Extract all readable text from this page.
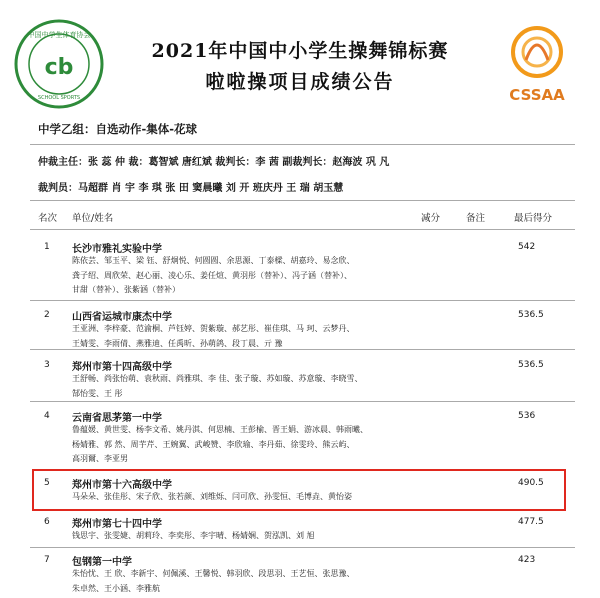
中国中学生体育协会
SCHOOL SPORTS
cb
CSSAA
2021年中国中小学生操舞锦标赛
啦啦操项目成绩公告
中学乙组：自选动作-集体-花球
仲裁主任：张 蕊 仲 裁：葛智斌 唐红斌 裁判长：李 茜 副裁判长：赵海波 巩 凡
裁判员：马超群 肖 宇 李 琪 张 田 窦晨曦 刘 开 班庆丹 王 瑞 胡玉慧
名次 单位/姓名	减分	备注	最后得分
1 长沙市雅礼实验中学	542
陈依芸、邹玉平、梁 钰、舒炯悦、何圆圆、余思源、丁泰樑、胡嘉玲、易念欣、
龚子绍、周欣荣、赵心丽、凌心乐、姜任煊、黄羽彤（替补）、冯子涵（替补）、
甘甜（替补）、张紫涵（替补）
2 山西省运城市康杰中学	536.5
王亚洲、李梓豪、范渝桐、芦钰婷、贺紫璇、郝艺彤、崔佳琪、马 珂、云梦丹、
王婧雯、李雨倩、燕雅迪、任禹昕、孙萌鸽、段丁晨、亓 豫
3 郑州市第十四高级中学	536.5
王舒畅、尚张怡萌、袁秋雨、尚雅琪、李 佳、张子璇、苏如璇、苏意璇、李晓雪、
郜怡雯、王 彤
4 云南省思茅第一中学	536
鲁蕴媛、黄世雯、杨李文希、姚丹淇、何思楠、王彭榆、晋王娟、游冰晨、韩雨曦、
杨婧雅、郭 然、周芋芹、王婉翼、武峻赞、李欣瑜、李丹茹、徐雯玲、熊云屿、
高羽爾、李亚男
5 郑州市第十六高级中学	490.5
马朵朵、张佳彤、宋子欣、张若颜、刘维烁、闫可欣、孙雯恒、毛博垚、黄怡姿
6 郑州市第七十四中学	477.5
钱思宇、张雯婕、胡莉玲、李奕彤、李宇晴、杨婧娴、贺泓凯、刘 旭
7 包钢第一中学	423
朱怡忧、王 欣、李新宇、何佩溪、王馨悦、韩羽欣、段思羽、王艺恒、张思豫、
朱卓然、王小涵、李雅航
